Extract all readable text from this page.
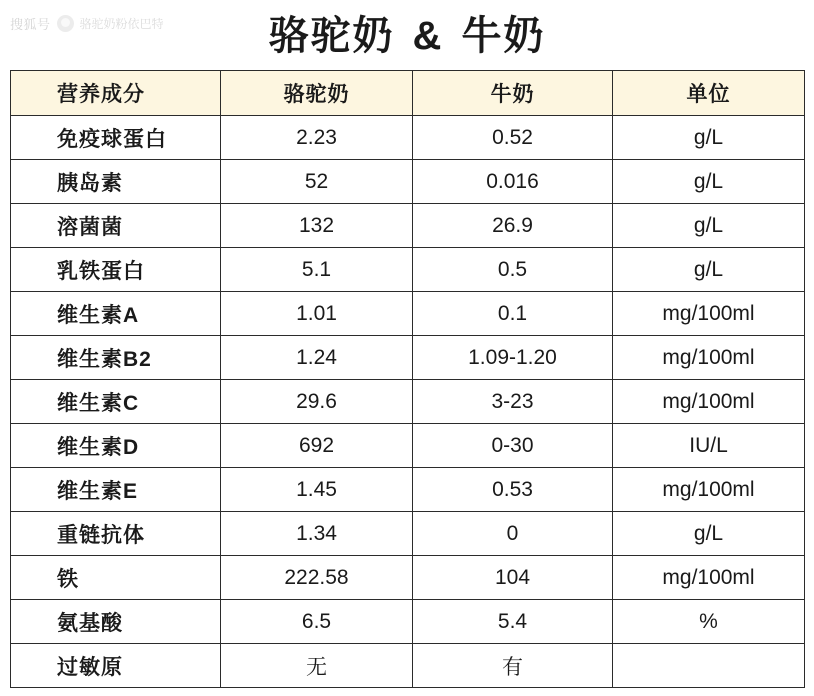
搜狐号 骆驼奶粉依巴特	骆驼奶 & 牛奶
营养成分	骆驼奶	牛奶	单位
免疫球蛋白	2.23	0.52	g/L
胰岛素	52	0.016	g/L
溶菌菌	132	26.9	g/L
乳铁蛋白	5.1	0.5	g/L
维生素A	1.01	0.1	mg/100ml
维生素B2	1.24	1.09-1.20	mg/100ml
维生素C	29.6	3-23	mg/100ml
维生素D	692	0-30	IU/L
维生素E	1.45	0.53	mg/100ml
重链抗体	1.34	0	g/L
铁	222.58	104	mg/100ml
氨基酸	6.5	5.4	%
过敏原	无	有	
